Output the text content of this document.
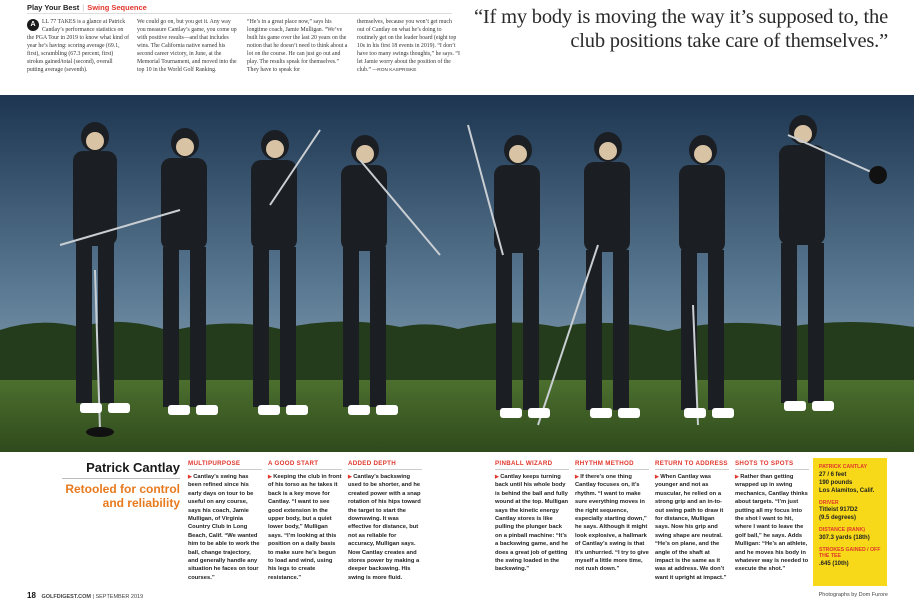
Play Your Best | Swing Sequence
A	LL 77 TAKES is a glance at Patrick Cantlay’s performance statistics on the PGA Tour in 2019 to know what kind of year he’s having: scoring average (69.1, first), scrambling (67.3 percent, first) strokes gained/total (second), overall putting average (seventh).
We could go on, but you get it. Any way you measure Cantlay’s game, you come up with positive results—and that includes wins. The California native earned his second career victory, in June, at the Memorial Tournament, and moved into the top 10 in the World Golf Ranking.
“He’s in a great place now,” says his longtime coach, Jamie Mulligan. “We’ve built his game over the last 20 years on the notion that he doesn’t need to think about a lot on the course. He can just go out and play. The results speak for themselves.” They have to speak for
themselves, because you won’t get much out of Cantlay on what he’s doing to routinely get on the leader board (eight top 10s in his first 18 events in 2019). “I don’t have too many swings thoughts,” he says. “I let Jamie worry about the position of the club.” —RON KASPRISKE
“If my body is moving the way it’s supposed to, the club positions take care of themselves.”
Patrick Cantlay
Retooled for control and reliability
MULTIPURPOSE
▶ Cantlay’s swing has been refined since his early days on tour to be useful on any course, says his coach, Jamie Mulligan, of Virginia Country Club in Long Beach, Calif. “We wanted him to be able to work the ball, change trajectory, and generally handle any situation he faces on tour courses.”
A GOOD START
▶ Keeping the club in front of his torso as he takes it back is a key move for Cantlay. “I want to see good extension in the upper body, but a quiet lower body,” Mulligan says. “I’m looking at this position on a daily basis to make sure he’s begun to load and wind, using his legs to create resistance.”
ADDED DEPTH
▶ Cantlay’s backswing used to be shorter, and he created power with a snap rotation of his hips toward the target to start the downswing. It was effective for distance, but not as reliable for accuracy, Mulligan says. Now Cantlay creates and stores power by making a deeper backswing. His swing is more fluid.
PINBALL WIZARD
▶ Cantlay keeps turning back until his whole body is behind the ball and fully wound at the top. Mulligan says the kinetic energy Cantlay stores is like pulling the plunger back on a pinball machine: “It’s a backswing game, and he does a great job of getting the swing loaded in the backswing.”
RHYTHM METHOD
▶ If there’s one thing Cantlay focuses on, it’s rhythm. “I want to make sure everything moves in the right sequence, especially starting down,” he says. Although it might look explosive, a hallmark of Cantlay’s swing is that it’s unhurried. “I try to give myself a little more time, not rush down.”
RETURN TO ADDRESS
▶ When Cantlay was younger and not as muscular, he relied on a strong grip and an in-to-out swing path to draw it for distance, Mulligan says. Now his grip and swing shape are neutral. “He’s on plane, and the angle of the shaft at impact is the same as it was at address. We don’t want it upright at impact.”
SHOTS TO SPOTS
▶ Rather than getting wrapped up in swing mechanics, Cantlay thinks about targets. “I’m just putting all my focus into the shot I want to hit, where I want to leave the golf ball,” he says. Adds Mulligan: “He’s an athlete, and he moves his body in whatever way is needed to execute the shot.”
PATRICK CANTLAY
27 / 6 feet
190 pounds
Los Alamitos, Calif.
DRIVER
Titleist 917D2
(9.5 degrees)
DISTANCE (RANK)
307.3 yards (18th)
STROKES GAINED / OFF THE TEE
.645 (10th)
18 GOLFDIGEST.COM | SEPTEMBER 2019	Photographs by Dom Furore
